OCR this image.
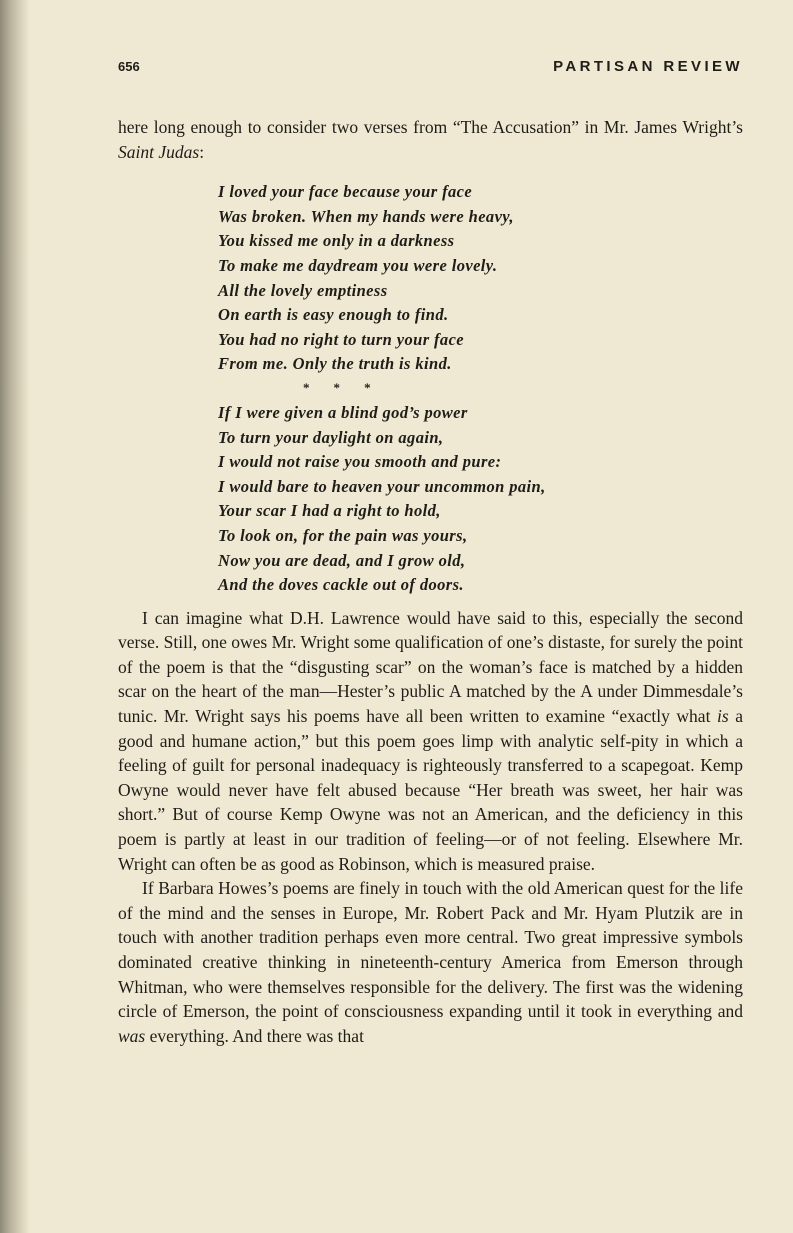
656	PARTISAN REVIEW

here long enough to consider two verses from “The Accusation” in Mr. James Wright’s Saint Judas:

I loved your face because your face
Was broken. When my hands were heavy,
You kissed me only in a darkness
To make me daydream you were lovely.
All the lovely emptiness
On earth is easy enough to find.
You had no right to turn your face
From me. Only the truth is kind.
* * *
If I were given a blind god’s power
To turn your daylight on again,
I would not raise you smooth and pure:
I would bare to heaven your uncommon pain,
Your scar I had a right to hold,
To look on, for the pain was yours,
Now you are dead, and I grow old,
And the doves cackle out of doors.

I can imagine what D.H. Lawrence would have said to this, especially the second verse. Still, one owes Mr. Wright some qualification of one’s distaste, for surely the point of the poem is that the “disgusting scar” on the woman’s face is matched by a hidden scar on the heart of the man—Hester’s public A matched by the A under Dimmesdale’s tunic. Mr. Wright says his poems have all been written to examine “exactly what is a good and humane action,” but this poem goes limp with analytic self-pity in which a feeling of guilt for personal inadequacy is righteously transferred to a scapegoat. Kemp Owyne would never have felt abused because “Her breath was sweet, her hair was short.” But of course Kemp Owyne was not an American, and the deficiency in this poem is partly at least in our tradition of feeling—or of not feeling. Elsewhere Mr. Wright can often be as good as Robinson, which is measured praise.

If Barbara Howes’s poems are finely in touch with the old American quest for the life of the mind and the senses in Europe, Mr. Robert Pack and Mr. Hyam Plutzik are in touch with another tradition perhaps even more central. Two great impressive symbols dominated creative thinking in nineteenth-century America from Emerson through Whitman, who were themselves responsible for the delivery. The first was the widening circle of Emerson, the point of consciousness expanding until it took in everything and was everything. And there was that
